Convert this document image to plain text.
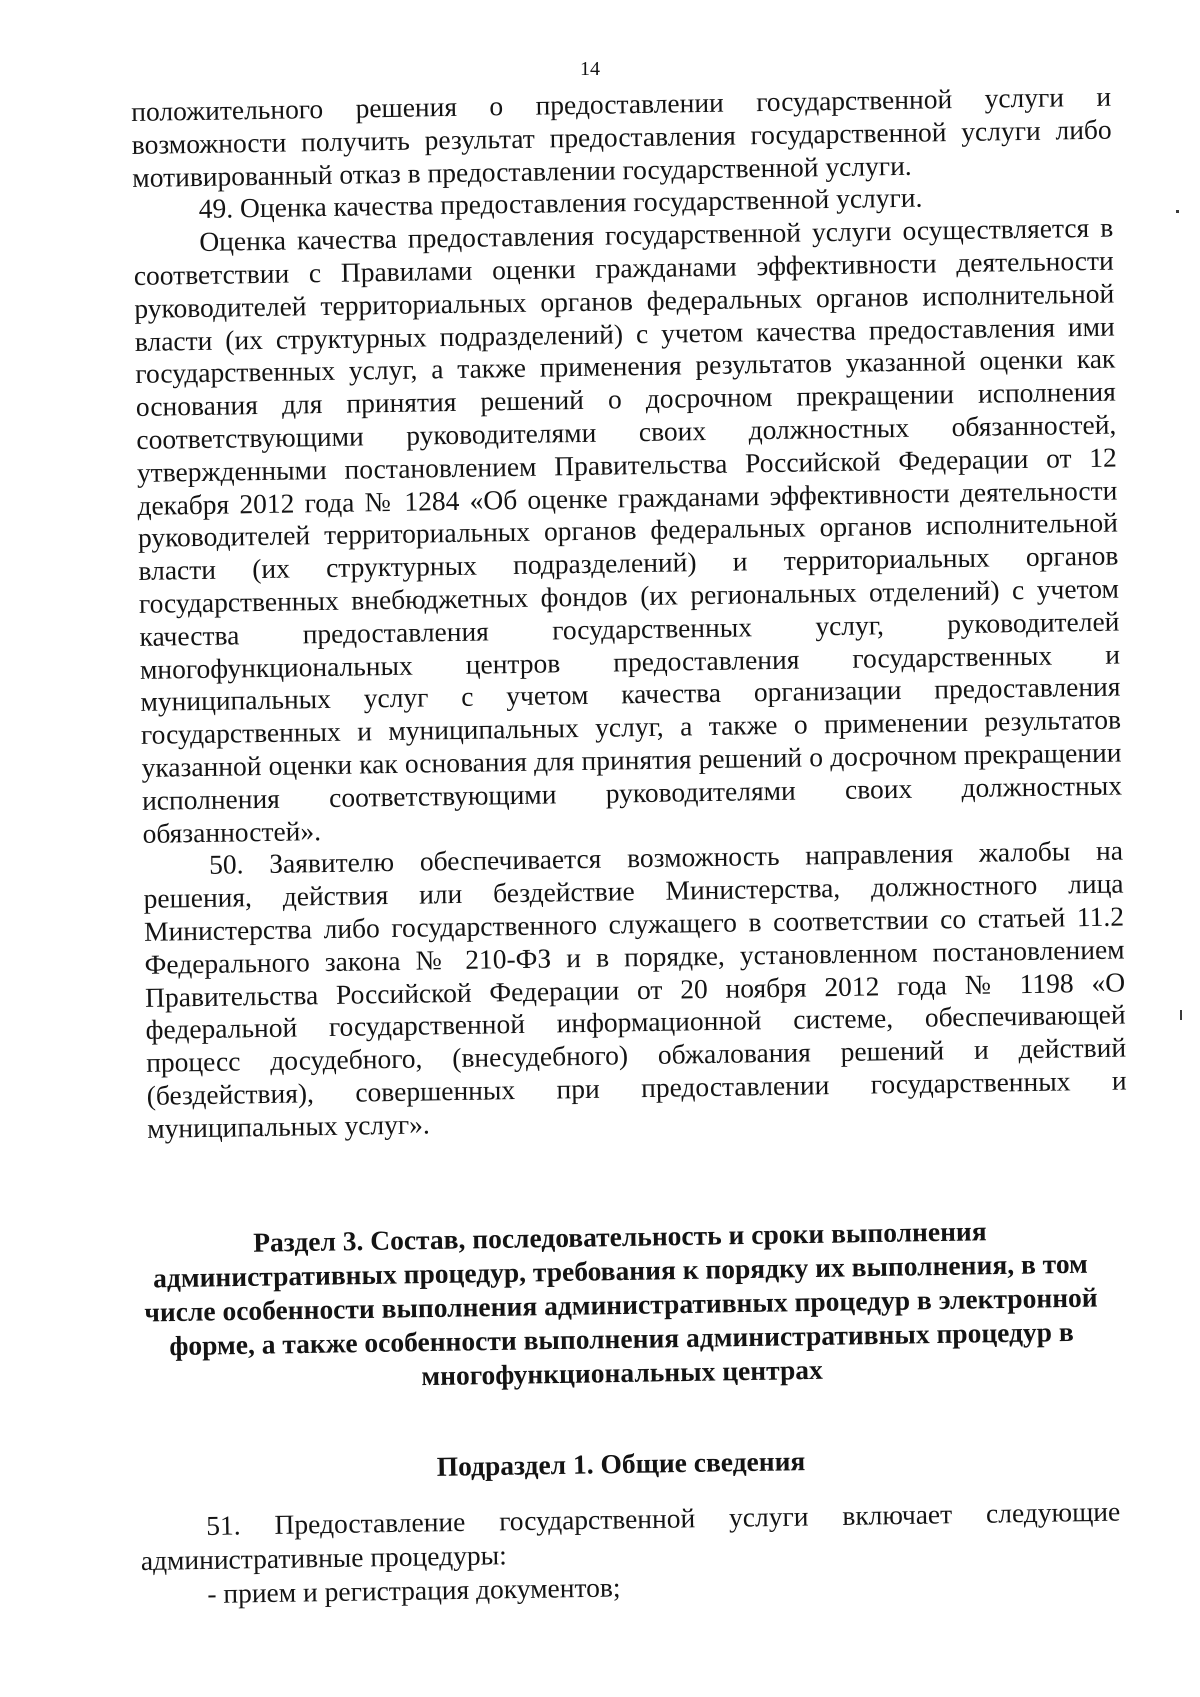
14

положительного решения о предоставлении государственной услуги и возможности получить результат предоставления государственной услуги либо мотивированный отказ в предоставлении государственной услуги.

49. Оценка качества предоставления государственной услуги.

Оценка качества предоставления государственной услуги осуществляется в соответствии с Правилами оценки гражданами эффективности деятельности руководителей территориальных органов федеральных органов исполнительной власти (их структурных подразделений) с учетом качества предоставления ими государственных услуг, а также применения результатов указанной оценки как основания для принятия решений о досрочном прекращении исполнения соответствующими руководителями своих должностных обязанностей, утвержденными постановлением Правительства Российской Федерации от 12 декабря 2012 года № 1284 «Об оценке гражданами эффективности деятельности руководителей территориальных органов федеральных органов исполнительной власти (их структурных подразделений) и территориальных органов государственных внебюджетных фондов (их региональных отделений) с учетом качества предоставления государственных услуг, руководителей многофункциональных центров предоставления государственных и муниципальных услуг с учетом качества организации предоставления государственных и муниципальных услуг, а также о применении результатов указанной оценки как основания для принятия решений о досрочном прекращении исполнения соответствующими руководителями своих должностных обязанностей».

50. Заявителю обеспечивается возможность направления жалобы на решения, действия или бездействие Министерства, должностного лица Министерства либо государственного служащего в соответствии со статьей 11.2 Федерального закона № 210-ФЗ и в порядке, установленном постановлением Правительства Российской Федерации от 20 ноября 2012 года № 1198 «О федеральной государственной информационной системе, обеспечивающей процесс досудебного, (внесудебного) обжалования решений и действий (бездействия), совершенных при предоставлении государственных и муниципальных услуг».

Раздел 3. Состав, последовательность и сроки выполнения административных процедур, требования к порядку их выполнения, в том числе особенности выполнения административных процедур в электронной форме, а также особенности выполнения административных процедур в многофункциональных центрах
Подраздел 1. Общие сведения

51. Предоставление государственной услуги включает следующие административные процедуры:

- прием и регистрация документов;
